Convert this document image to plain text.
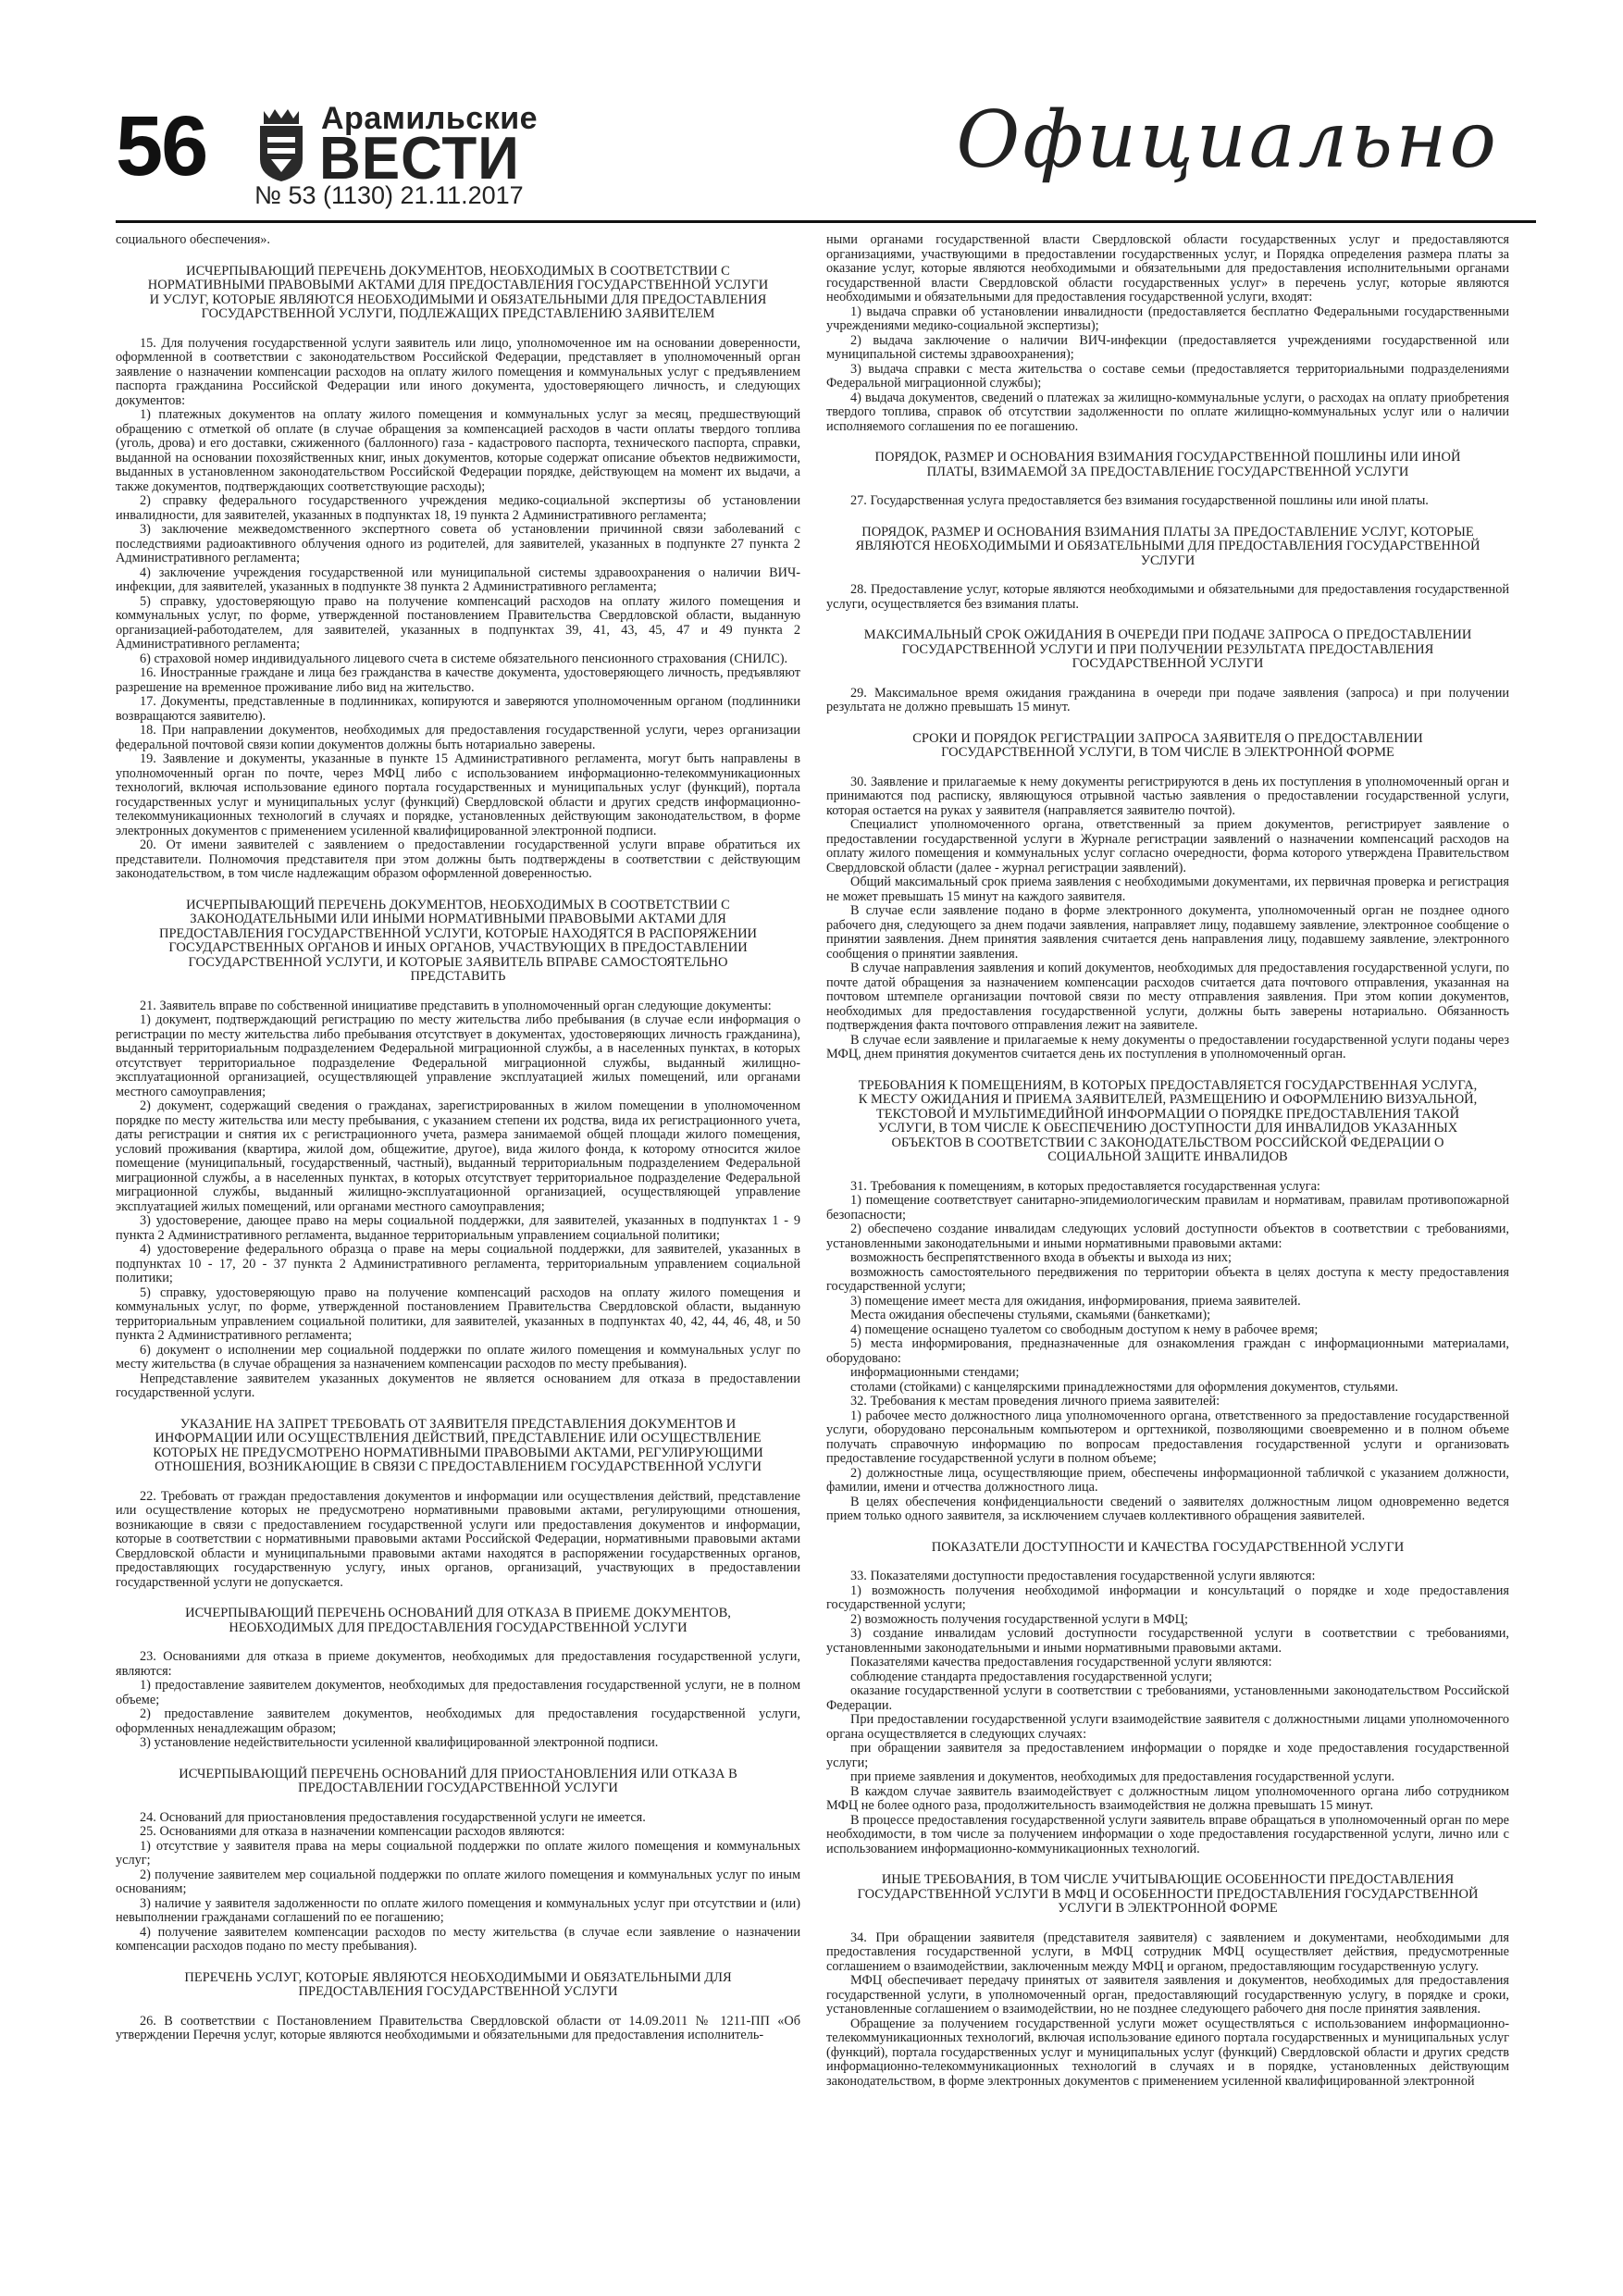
56	Арамильские
ВЕСТИ
№ 53 (1130) 21.11.2017
Официально

социального обеспечения».

ИСЧЕРПЫВАЮЩИЙ ПЕРЕЧЕНЬ ДОКУМЕНТОВ, НЕОБХОДИМЫХ В СООТВЕТСТВИИ С НОРМАТИВНЫМИ ПРАВОВЫМИ АКТАМИ ДЛЯ ПРЕДОСТАВЛЕНИЯ ГОСУДАРСТВЕННОЙ УСЛУГИ И УСЛУГ, КОТОРЫЕ ЯВЛЯЮТСЯ НЕОБХОДИМЫМИ И ОБЯЗАТЕЛЬНЫМИ ДЛЯ ПРЕДОСТАВЛЕНИЯ ГОСУДАРСТВЕННОЙ УСЛУГИ, ПОДЛЕЖАЩИХ ПРЕДСТАВЛЕНИЮ ЗАЯВИТЕЛЕМ

15. Для получения государственной услуги заявитель или лицо, уполномоченное им на основании доверенности, оформленной в соответствии с законодательством Российской Федерации, представляет в уполномоченный орган заявление о назначении компенсации расходов на оплату жилого помещения и коммунальных услуг с предъявлением паспорта гражданина Российской Федерации или иного документа, удостоверяющего личность, и следующих документов:

1) платежных документов на оплату жилого помещения и коммунальных услуг за месяц, предшествующий обращению с отметкой об оплате (в случае обращения за компенсацией расходов в части оплаты твердого топлива (уголь, дрова) и его доставки, сжиженного (баллонного) газа - кадастрового паспорта, технического паспорта, справки, выданной на основании похозяйственных книг, иных документов, которые содержат описание объектов недвижимости, выданных в установленном законодательством Российской Федерации порядке, действующем на момент их выдачи, а также документов, подтверждающих соответствующие расходы);

2) справку федерального государственного учреждения медико-социальной экспертизы об установлении инвалидности, для заявителей, указанных в подпунктах 18, 19 пункта 2 Административного регламента;

3) заключение межведомственного экспертного совета об установлении причинной связи заболеваний с последствиями радиоактивного облучения одного из родителей, для заявителей, указанных в подпункте 27 пункта 2 Административного регламента;

4) заключение учреждения государственной или муниципальной системы здравоохранения о наличии ВИЧ-инфекции, для заявителей, указанных в подпункте 38 пункта 2 Административного регламента;

5) справку, удостоверяющую право на получение компенсаций расходов на оплату жилого помещения и коммунальных услуг, по форме, утвержденной постановлением Правительства Свердловской области, выданную организацией-работодателем, для заявителей, указанных в подпунктах 39, 41, 43, 45, 47 и 49 пункта 2 Административного регламента;

6) страховой номер индивидуального лицевого счета в системе обязательного пенсионного страхования (СНИЛС).

16. Иностранные граждане и лица без гражданства в качестве документа, удостоверяющего личность, предъявляют разрешение на временное проживание либо вид на жительство.

17. Документы, представленные в подлинниках, копируются и заверяются уполномоченным органом (подлинники возвращаются заявителю).

18. При направлении документов, необходимых для предоставления государственной услуги, через организации федеральной почтовой связи копии документов должны быть нотариально заверены.

19. Заявление и документы, указанные в пункте 15 Административного регламента, могут быть направлены в уполномоченный орган по почте, через МФЦ либо с использованием информационно-телекоммуникационных технологий, включая использование единого портала государственных и муниципальных услуг (функций), портала государственных услуг и муниципальных услуг (функций) Свердловской области и других средств информационно-телекоммуникационных технологий в случаях и порядке, установленных действующим законодательством, в форме электронных документов с применением усиленной квалифицированной электронной подписи.

20. От имени заявителей с заявлением о предоставлении государственной услуги вправе обратиться их представители. Полномочия представителя при этом должны быть подтверждены в соответствии с действующим законодательством, в том числе надлежащим образом оформленной доверенностью.

ИСЧЕРПЫВАЮЩИЙ ПЕРЕЧЕНЬ ДОКУМЕНТОВ, НЕОБХОДИМЫХ В СООТВЕТСТВИИ С ЗАКОНОДАТЕЛЬНЫМИ ИЛИ ИНЫМИ НОРМАТИВНЫМИ ПРАВОВЫМИ АКТАМИ ДЛЯ ПРЕДОСТАВЛЕНИЯ ГОСУДАРСТВЕННОЙ УСЛУГИ, КОТОРЫЕ НАХОДЯТСЯ В РАСПОРЯЖЕНИИ ГОСУДАРСТВЕННЫХ ОРГАНОВ И ИНЫХ ОРГАНОВ, УЧАСТВУЮЩИХ В ПРЕДОСТАВЛЕНИИ ГОСУДАРСТВЕННОЙ УСЛУГИ, И КОТОРЫЕ ЗАЯВИТЕЛЬ ВПРАВЕ САМОСТОЯТЕЛЬНО ПРЕДСТАВИТЬ

21. Заявитель вправе по собственной инициативе представить в уполномоченный орган следующие документы:

1) документ, подтверждающий регистрацию по месту жительства либо пребывания (в случае если информация о регистрации по месту жительства либо пребывания отсутствует в документах, удостоверяющих личность гражданина), выданный территориальным подразделением Федеральной миграционной службы, а в населенных пунктах, в которых отсутствует территориальное подразделение Федеральной миграционной службы, выданный жилищно-эксплуатационной организацией, осуществляющей управление эксплуатацией жилых помещений, или органами местного самоуправления;

2) документ, содержащий сведения о гражданах, зарегистрированных в жилом помещении в уполномоченном порядке по месту жительства или месту пребывания, с указанием степени их родства, вида их регистрационного учета, даты регистрации и снятия их с регистрационного учета, размера занимаемой общей площади жилого помещения, условий проживания (квартира, жилой дом, общежитие, другое), вида жилого фонда, к которому относится жилое помещение (муниципальный, государственный, частный), выданный территориальным подразделением Федеральной миграционной службы, а в населенных пунктах, в которых отсутствует территориальное подразделение Федеральной миграционной службы, выданный жилищно-эксплуатационной организацией, осуществляющей управление эксплуатацией жилых помещений, или органами местного самоуправления;

3) удостоверение, дающее право на меры социальной поддержки, для заявителей, указанных в подпунктах 1 - 9 пункта 2 Административного регламента, выданное территориальным управлением социальной политики;

4) удостоверение федерального образца о праве на меры социальной поддержки, для заявителей, указанных в подпунктах 10 - 17, 20 - 37 пункта 2 Административного регламента, территориальным управлением социальной политики;

5) справку, удостоверяющую право на получение компенсаций расходов на оплату жилого помещения и коммунальных услуг, по форме, утвержденной постановлением Правительства Свердловской области, выданную территориальным управлением социальной политики, для заявителей, указанных в подпунктах 40, 42, 44, 46, 48, и 50 пункта 2 Административного регламента;

6) документ о исполнении мер социальной поддержки по оплате жилого помещения и коммунальных услуг по месту жительства (в случае обращения за назначением компенсации расходов по месту пребывания).

Непредставление заявителем указанных документов не является основанием для отказа в предоставлении государственной услуги.

УКАЗАНИЕ НА ЗАПРЕТ ТРЕБОВАТЬ ОТ ЗАЯВИТЕЛЯ ПРЕДСТАВЛЕНИЯ ДОКУМЕНТОВ И ИНФОРМАЦИИ ИЛИ ОСУЩЕСТВЛЕНИЯ ДЕЙСТВИЙ, ПРЕДСТАВЛЕНИЕ ИЛИ ОСУЩЕСТВЛЕНИЕ КОТОРЫХ НЕ ПРЕДУСМОТРЕНО НОРМАТИВНЫМИ ПРАВОВЫМИ АКТАМИ, РЕГУЛИРУЮЩИМИ ОТНОШЕНИЯ, ВОЗНИКАЮЩИЕ В СВЯЗИ С ПРЕДОСТАВЛЕНИЕМ ГОСУДАРСТВЕННОЙ УСЛУГИ

22. Требовать от граждан предоставления документов и информации или осуществления действий, представление или осуществление которых не предусмотрено нормативными правовыми актами, регулирующими отношения, возникающие в связи с предоставлением государственной услуги или предоставления документов и информации, которые в соответствии с нормативными правовыми актами Российской Федерации, нормативными правовыми актами Свердловской области и муниципальными правовыми актами находятся в распоряжении государственных органов, предоставляющих государственную услугу, иных органов, организаций, участвующих в предоставлении государственной услуги не допускается.

ИСЧЕРПЫВАЮЩИЙ ПЕРЕЧЕНЬ ОСНОВАНИЙ ДЛЯ ОТКАЗА В ПРИЕМЕ ДОКУМЕНТОВ, НЕОБХОДИМЫХ ДЛЯ ПРЕДОСТАВЛЕНИЯ ГОСУДАРСТВЕННОЙ УСЛУГИ

23. Основаниями для отказа в приеме документов, необходимых для предоставления государственной услуги, являются:

1) предоставление заявителем документов, необходимых для предоставления государственной услуги, не в полном объеме;

2) предоставление заявителем документов, необходимых для предоставления государственной услуги, оформленных ненадлежащим образом;

3) установление недействительности усиленной квалифицированной электронной подписи.

ИСЧЕРПЫВАЮЩИЙ ПЕРЕЧЕНЬ ОСНОВАНИЙ ДЛЯ ПРИОСТАНОВЛЕНИЯ ИЛИ ОТКАЗА В ПРЕДОСТАВЛЕНИИ ГОСУДАРСТВЕННОЙ УСЛУГИ

24. Оснований для приостановления предоставления государственной услуги не имеется.

25. Основаниями для отказа в назначении компенсации расходов являются:

1) отсутствие у заявителя права на меры социальной поддержки по оплате жилого помещения и коммунальных услуг;

2) получение заявителем мер социальной поддержки по оплате жилого помещения и коммунальных услуг по иным основаниям;

3) наличие у заявителя задолженности по оплате жилого помещения и коммунальных услуг при отсутствии и (или) невыполнении гражданами соглашений по ее погашению;

4) получение заявителем компенсации расходов по месту жительства (в случае если заявление о назначении компенсации расходов подано по месту пребывания).

ПЕРЕЧЕНЬ УСЛУГ, КОТОРЫЕ ЯВЛЯЮТСЯ НЕОБХОДИМЫМИ И ОБЯЗАТЕЛЬНЫМИ ДЛЯ ПРЕДОСТАВЛЕНИЯ ГОСУДАРСТВЕННОЙ УСЛУГИ

26. В соответствии с Постановлением Правительства Свердловской области от 14.09.2011 № 1211-ПП «Об утверждении Перечня услуг, которые являются необходимыми и обязательными для предоставления исполнитель-

ными органами государственной власти Свердловской области государственных услуг и предоставляются организациями, участвующими в предоставлении государственных услуг, и Порядка определения размера платы за оказание услуг, которые являются необходимыми и обязательными для предоставления исполнительными органами государственной власти Свердловской области государственных услуг» в перечень услуг, которые являются необходимыми и обязательными для предоставления государственной услуги, входят:

1) выдача справки об установлении инвалидности (предоставляется бесплатно Федеральными государственными учреждениями медико-социальной экспертизы);

2) выдача заключение о наличии ВИЧ-инфекции (предоставляется учреждениями государственной или муниципальной системы здравоохранения);

3) выдача справки с места жительства о составе семьи (предоставляется территориальными подразделениями Федеральной миграционной службы);

4) выдача документов, сведений о платежах за жилищно-коммунальные услуги, о расходах на оплату приобретения твердого топлива, справок об отсутствии задолженности по оплате жилищно-коммунальных услуг или о наличии исполняемого соглашения по ее погашению.

ПОРЯДОК, РАЗМЕР И ОСНОВАНИЯ ВЗИМАНИЯ ГОСУДАРСТВЕННОЙ ПОШЛИНЫ ИЛИ ИНОЙ ПЛАТЫ, ВЗИМАЕМОЙ ЗА ПРЕДОСТАВЛЕНИЕ ГОСУДАРСТВЕННОЙ УСЛУГИ

27. Государственная услуга предоставляется без взимания государственной пошлины или иной платы.

ПОРЯДОК, РАЗМЕР И ОСНОВАНИЯ ВЗИМАНИЯ ПЛАТЫ ЗА ПРЕДОСТАВЛЕНИЕ УСЛУГ, КОТОРЫЕ ЯВЛЯЮТСЯ НЕОБХОДИМЫМИ И ОБЯЗАТЕЛЬНЫМИ ДЛЯ ПРЕДОСТАВЛЕНИЯ ГОСУДАРСТВЕННОЙ УСЛУГИ

28. Предоставление услуг, которые являются необходимыми и обязательными для предоставления государственной услуги, осуществляется без взимания платы.

МАКСИМАЛЬНЫЙ СРОК ОЖИДАНИЯ В ОЧЕРЕДИ ПРИ ПОДАЧЕ ЗАПРОСА О ПРЕДОСТАВЛЕНИИ ГОСУДАРСТВЕННОЙ УСЛУГИ И ПРИ ПОЛУЧЕНИИ РЕЗУЛЬТАТА ПРЕДОСТАВЛЕНИЯ ГОСУДАРСТВЕННОЙ УСЛУГИ

29. Максимальное время ожидания гражданина в очереди при подаче заявления (запроса) и при получении результата не должно превышать 15 минут.

СРОКИ И ПОРЯДОК РЕГИСТРАЦИИ ЗАПРОСА ЗАЯВИТЕЛЯ О ПРЕДОСТАВЛЕНИИ ГОСУДАРСТВЕННОЙ УСЛУГИ, В ТОМ ЧИСЛЕ В ЭЛЕКТРОННОЙ ФОРМЕ

30. Заявление и прилагаемые к нему документы регистрируются в день их поступления в уполномоченный орган и принимаются под расписку, являющуюся отрывной частью заявления о предоставлении государственной услуги, которая остается на руках у заявителя (направляется заявителю почтой).

Специалист уполномоченного органа, ответственный за прием документов, регистрирует заявление о предоставлении государственной услуги в Журнале регистрации заявлений о назначении компенсаций расходов на оплату жилого помещения и коммунальных услуг согласно очередности, форма которого утверждена Правительством Свердловской области (далее - журнал регистрации заявлений).

Общий максимальный срок приема заявления с необходимыми документами, их первичная проверка и регистрация не может превышать 15 минут на каждого заявителя.

В случае если заявление подано в форме электронного документа, уполномоченный орган не позднее одного рабочего дня, следующего за днем подачи заявления, направляет лицу, подавшему заявление, электронное сообщение о принятии заявления. Днем принятия заявления считается день направления лицу, подавшему заявление, электронного сообщения о принятии заявления.

В случае направления заявления и копий документов, необходимых для предоставления государственной услуги, по почте датой обращения за назначением компенсации расходов считается дата почтового отправления, указанная на почтовом штемпеле организации почтовой связи по месту отправления заявления. При этом копии документов, необходимых для предоставления государственной услуги, должны быть заверены нотариально. Обязанность подтверждения факта почтового отправления лежит на заявителе.

В случае если заявление и прилагаемые к нему документы о предоставлении государственной услуги поданы через МФЦ, днем принятия документов считается день их поступления в уполномоченный орган.

ТРЕБОВАНИЯ К ПОМЕЩЕНИЯМ, В КОТОРЫХ ПРЕДОСТАВЛЯЕТСЯ ГОСУДАРСТВЕННАЯ УСЛУГА, К МЕСТУ ОЖИДАНИЯ И ПРИЕМА ЗАЯВИТЕЛЕЙ, РАЗМЕЩЕНИЮ И ОФОРМЛЕНИЮ ВИЗУАЛЬНОЙ, ТЕКСТОВОЙ И МУЛЬТИМЕДИЙНОЙ ИНФОРМАЦИИ О ПОРЯДКЕ ПРЕДОСТАВЛЕНИЯ ТАКОЙ УСЛУГИ, В ТОМ ЧИСЛЕ К ОБЕСПЕЧЕНИЮ ДОСТУПНОСТИ ДЛЯ ИНВАЛИДОВ УКАЗАННЫХ ОБЪЕКТОВ В СООТВЕТСТВИИ С ЗАКОНОДАТЕЛЬСТВОМ РОССИЙСКОЙ ФЕДЕРАЦИИ О СОЦИАЛЬНОЙ ЗАЩИТЕ ИНВАЛИДОВ

31. Требования к помещениям, в которых предоставляется государственная услуга:

1) помещение соответствует санитарно-эпидемиологическим правилам и нормативам, правилам противопожарной безопасности;

2) обеспечено создание инвалидам следующих условий доступности объектов в соответствии с требованиями, установленными законодательными и иными нормативными правовыми актами:

возможность беспрепятственного входа в объекты и выхода из них;

возможность самостоятельного передвижения по территории объекта в целях доступа к месту предоставления государственной услуги;

3) помещение имеет места для ожидания, информирования, приема заявителей.

Места ожидания обеспечены стульями, скамьями (банкетками);

4) помещение оснащено туалетом со свободным доступом к нему в рабочее время;

5) места информирования, предназначенные для ознакомления граждан с информационными материалами, оборудовано:

информационными стендами;

столами (стойками) с канцелярскими принадлежностями для оформления документов, стульями.

32. Требования к местам проведения личного приема заявителей:

1) рабочее место должностного лица уполномоченного органа, ответственного за предоставление государственной услуги, оборудовано персональным компьютером и оргтехникой, позволяющими своевременно и в полном объеме получать справочную информацию по вопросам предоставления государственной услуги и организовать предоставление государственной услуги в полном объеме;

2) должностные лица, осуществляющие прием, обеспечены информационной табличкой с указанием должности, фамилии, имени и отчества должностного лица.

В целях обеспечения конфиденциальности сведений о заявителях должностным лицом одновременно ведется прием только одного заявителя, за исключением случаев коллективного обращения заявителей.

ПОКАЗАТЕЛИ ДОСТУПНОСТИ И КАЧЕСТВА ГОСУДАРСТВЕННОЙ УСЛУГИ

33. Показателями доступности предоставления государственной услуги являются:

1) возможность получения необходимой информации и консультаций о порядке и ходе предоставления государственной услуги;

2) возможность получения государственной услуги в МФЦ;

3) создание инвалидам условий доступности государственной услуги в соответствии с требованиями, установленными законодательными и иными нормативными правовыми актами.

Показателями качества предоставления государственной услуги являются:

соблюдение стандарта предоставления государственной услуги;

оказание государственной услуги в соответствии с требованиями, установленными законодательством Российской Федерации.

При предоставлении государственной услуги взаимодействие заявителя с должностными лицами уполномоченного органа осуществляется в следующих случаях:

при обращении заявителя за предоставлением информации о порядке и ходе предоставления государственной услуги;

при приеме заявления и документов, необходимых для предоставления государственной услуги.

В каждом случае заявитель взаимодействует с должностным лицом уполномоченного органа либо сотрудником МФЦ не более одного раза, продолжительность взаимодействия не должна превышать 15 минут.

В процессе предоставления государственной услуги заявитель вправе обращаться в уполномоченный орган по мере необходимости, в том числе за получением информации о ходе предоставления государственной услуги, лично или с использованием информационно-коммуникационных технологий.

ИНЫЕ ТРЕБОВАНИЯ, В ТОМ ЧИСЛЕ УЧИТЫВАЮЩИЕ ОСОБЕННОСТИ ПРЕДОСТАВЛЕНИЯ ГОСУДАРСТВЕННОЙ УСЛУГИ В МФЦ И ОСОБЕННОСТИ ПРЕДОСТАВЛЕНИЯ ГОСУДАРСТВЕННОЙ УСЛУГИ В ЭЛЕКТРОННОЙ ФОРМЕ

34. При обращении заявителя (представителя заявителя) с заявлением и документами, необходимыми для предоставления государственной услуги, в МФЦ сотрудник МФЦ осуществляет действия, предусмотренные соглашением о взаимодействии, заключенным между МФЦ и органом, предоставляющим государственную услугу.

МФЦ обеспечивает передачу принятых от заявителя заявления и документов, необходимых для предоставления государственной услуги, в уполномоченный орган, предоставляющий государственную услугу, в порядке и сроки, установленные соглашением о взаимодействии, но не позднее следующего рабочего дня после принятия заявления.

Обращение за получением государственной услуги может осуществляться с использованием информационно-телекоммуникационных технологий, включая использование единого портала государственных и муниципальных услуг (функций), портала государственных услуг и муниципальных услуг (функций) Свердловской области и других средств информационно-телекоммуникационных технологий в случаях и в порядке, установленных действующим законодательством, в форме электронных документов с применением усиленной квалифицированной электронной
